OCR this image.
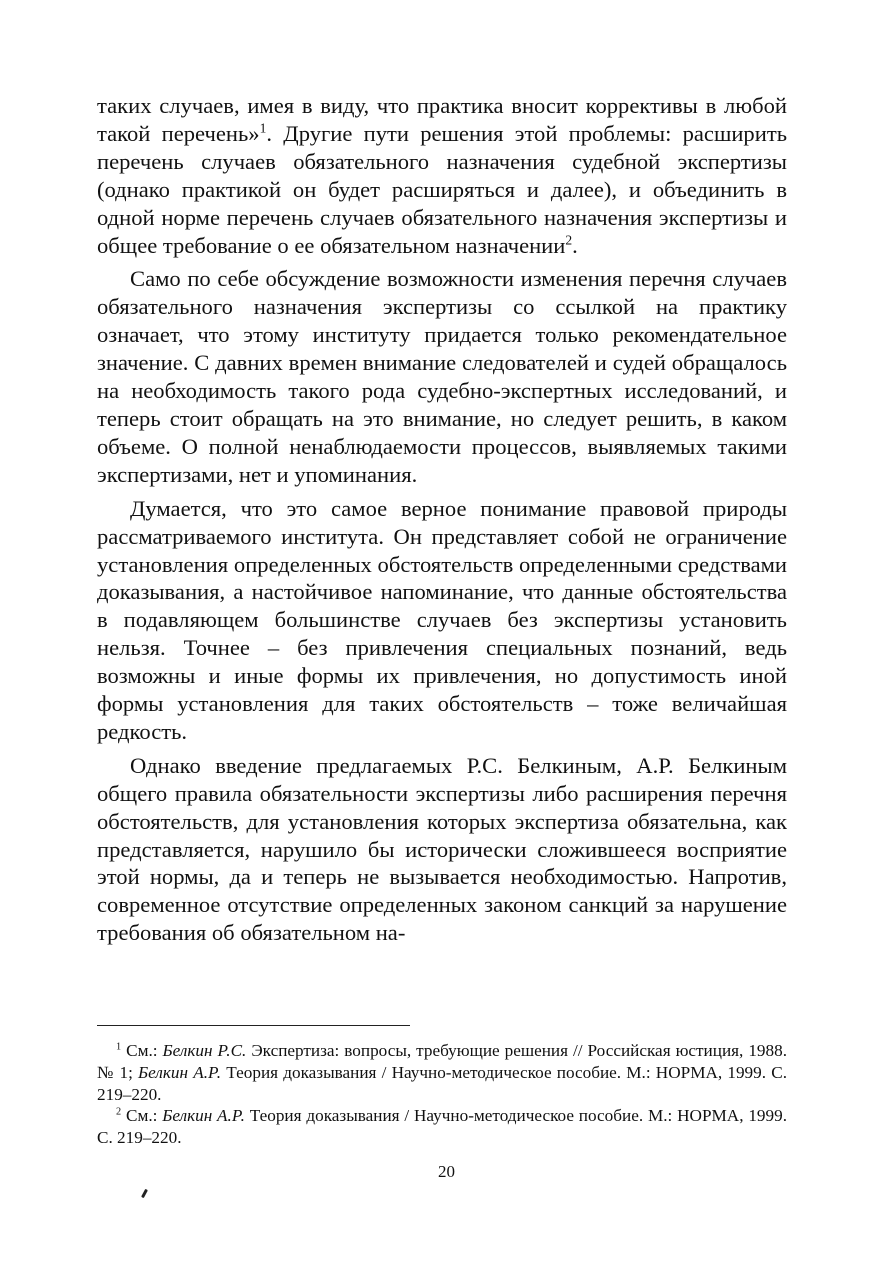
таких случаев, имея в виду, что практика вносит коррективы в любой такой перечень»$^1$. Другие пути решения этой проблемы: расширить перечень случаев обязательного назначения судебной экспертизы (однако практикой он будет расширяться и далее), и объединить в одной норме перечень случаев обязательного назначения экспертизы и общее требование о ее обязательном назначении$^2$.

Само по себе обсуждение возможности изменения перечня случаев обязательного назначения экспертизы со ссылкой на практику означает, что этому институту придается только рекомендательное значение. С давних времен внимание следователей и судей обращалось на необходимость такого рода судебно-экспертных исследований, и теперь стоит обращать на это внимание, но следует решить, в каком объеме. О полной ненаблюдаемости процессов, выявляемых такими экспертизами, нет и упоминания.

Думается, что это самое верное понимание правовой природы рассматриваемого института. Он представляет собой не ограничение установления определенных обстоятельств определенными средствами доказывания, а настойчивое напоминание, что данные обстоятельства в подавляющем большинстве случаев без экспертизы установить нельзя. Точнее – без привлечения специальных познаний, ведь возможны и иные формы их привлечения, но допустимость иной формы установления для таких обстоятельств – тоже величайшая редкость.

Однако введение предлагаемых Р.С. Белкиным, А.Р. Белкиным общего правила обязательности экспертизы либо расширения перечня обстоятельств, для установления которых экспертиза обязательна, как представляется, нарушило бы исторически сложившееся восприятие этой нормы, да и теперь не вызывается необходимостью. Напротив, современное отсутствие определенных законом санкций за нарушение требования об обязательном на-

$^1$ См.: Белкин Р.С. Экспертиза: вопросы, требующие решения // Российская юстиция, 1988. № 1; Белкин А.Р. Теория доказывания / Научно-методическое пособие. М.: НОРМА, 1999. С. 219–220.

$^2$ См.: Белкин А.Р. Теория доказывания / Научно-методическое пособие. М.: НОРМА, 1999. С. 219–220.

20
